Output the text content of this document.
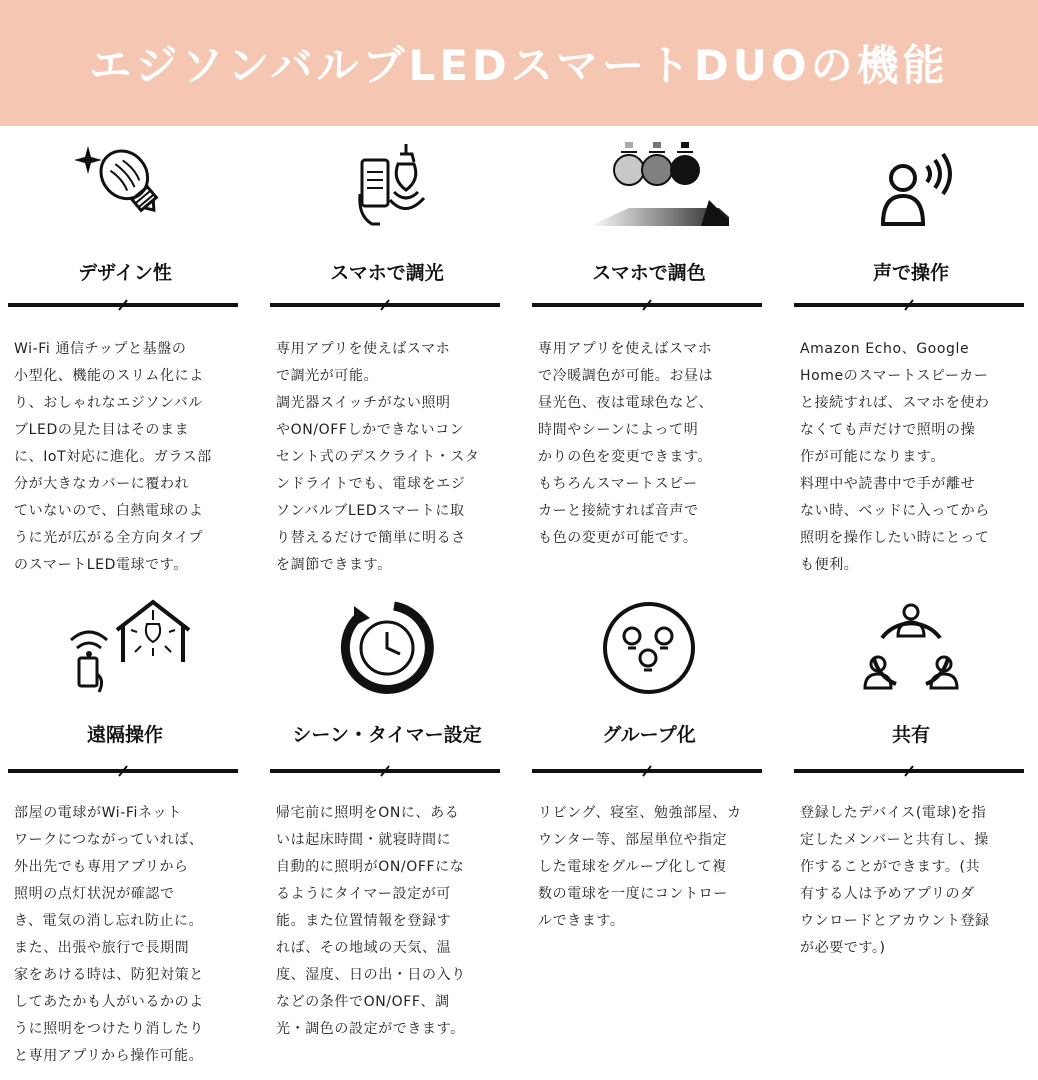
エジソンバルブLEDスマートDUOの機能
デザイン性
Wi-Fi 通信チップと基盤の
小型化、機能のスリム化によ
り、おしゃれなエジソンバル
ブLEDの見た目はそのまま
に、IoT対応に進化。ガラス部
分が大きなカバーに覆われ
ていないので、白熱電球のよ
うに光が広がる全方向タイプ
のスマートLED電球です。
スマホで調光
専用アプリを使えばスマホ
で調光が可能。
調光器スイッチがない照明
やON/OFFしかできないコン
セント式のデスクライト・スタ
ンドライトでも、電球をエジ
ソンバルブLEDスマートに取
り替えるだけで簡単に明るさ
を調節できます。
スマホで調色
専用アプリを使えばスマホ
で冷暖調色が可能。お昼は
昼光色、夜は電球色など、
時間やシーンによって明
かりの色を変更できます。
もちろんスマートスピー
カーと接続すれば音声で
も色の変更が可能です。
声で操作
Amazon Echo、Google
Homeのスマートスピーカー
と接続すれば、スマホを使わ
なくても声だけで照明の操
作が可能になります。
料理中や読書中で手が離せ
ない時、ベッドに入ってから
照明を操作したい時にとって
も便利。
遠隔操作
部屋の電球がWi-Fiネット
ワークにつながっていれば、
外出先でも専用アプリから
照明の点灯状況が確認で
き、電気の消し忘れ防止に。
また、出張や旅行で長期間
家をあける時は、防犯対策と
してあたかも人がいるかのよ
うに照明をつけたり消したり
と専用アプリから操作可能。
シーン・タイマー設定
帰宅前に照明をONに、ある
いは起床時間・就寝時間に
自動的に照明がON/OFFにな
るようにタイマー設定が可
能。また位置情報を登録す
れば、その地域の天気、温
度、湿度、日の出・日の入り
などの条件でON/OFF、調
光・調色の設定ができます。
グループ化
リビング、寝室、勉強部屋、カ
ウンター等、部屋単位や指定
した電球をグループ化して複
数の電球を一度にコントロー
ルできます。
共有
登録したデバイス(電球)を指
定したメンバーと共有し、操
作することができます。(共
有する人は予めアプリのダ
ウンロードとアカウント登録
が必要です。)
